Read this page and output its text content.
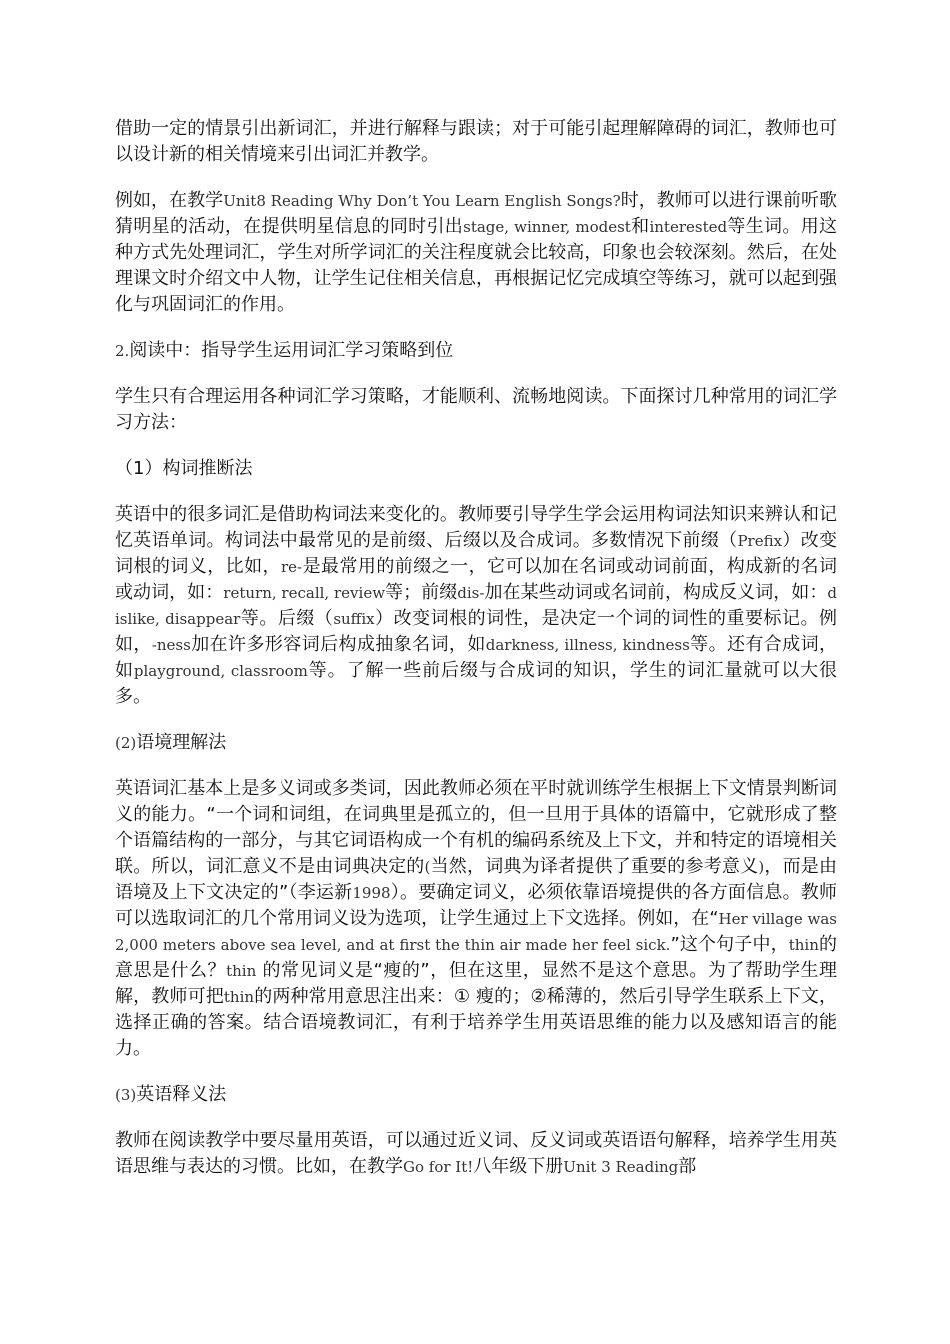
借助一定的情景引出新词汇，并进行解释与跟读；对于可能引起理解障碍的词汇，教师也可以设计新的相关情境来引出词汇并教学。

例如，在教学Unit8 Reading Why Don’t You Learn English Songs?时，教师可以进行课前听歌猜明星的活动，在提供明星信息的同时引出stage, winner, modest和interested等生词。用这种方式先处理词汇，学生对所学词汇的关注程度就会比较高，印象也会较深刻。然后，在处理课文时介绍文中人物，让学生记住相关信息，再根据记忆完成填空等练习，就可以起到强化与巩固词汇的作用。

2.阅读中：指导学生运用词汇学习策略到位

学生只有合理运用各种词汇学习策略，才能顺利、流畅地阅读。下面探讨几种常用的词汇学习方法：

（1）构词推断法

英语中的很多词汇是借助构词法来变化的。教师要引导学生学会运用构词法知识来辨认和记忆英语单词。构词法中最常见的是前缀、后缀以及合成词。多数情况下前缀（Prefix）改变词根的词义，比如，re-是最常用的前缀之一，它可以加在名词或动词前面，构成新的名词或动词，如：return, recall, review等；前缀dis-加在某些动词或名词前，构成反义词，如：dislike, disappear等。后缀（suffix）改变词根的词性，是决定一个词的词性的重要标记。例如，-ness加在许多形容词后构成抽象名词，如darkness, illness, kindness等。还有合成词，如playground, classroom等。了解一些前后缀与合成词的知识，学生的词汇量就可以大很多。

(2)语境理解法

英语词汇基本上是多义词或多类词，因此教师必须在平时就训练学生根据上下文情景判断词义的能力。“一个词和词组，在词典里是孤立的，但一旦用于具体的语篇中，它就形成了整个语篇结构的一部分，与其它词语构成一个有机的编码系统及上下文，并和特定的语境相关联。所以，词汇意义不是由词典决定的(当然，词典为译者提供了重要的参考意义)，而是由语境及上下文决定的”（李运新1998）。要确定词义，必须依靠语境提供的各方面信息。教师可以选取词汇的几个常用词义设为选项，让学生通过上下文选择。例如，在“Her village was 2,000 meters above sea level, and at first the thin air made her feel sick.”这个句子中，thin的意思是什么？thin 的常见词义是“瘦的”，但在这里，显然不是这个意思。为了帮助学生理解，教师可把thin的两种常用意思注出来：① 瘦的；②稀薄的，然后引导学生联系上下文，选择正确的答案。结合语境教词汇，有利于培养学生用英语思维的能力以及感知语言的能力。

(3)英语释义法

教师在阅读教学中要尽量用英语，可以通过近义词、反义词或英语语句解释，培养学生用英语思维与表达的习惯。比如，在教学Go for It!八年级下册Unit 3 Reading部
